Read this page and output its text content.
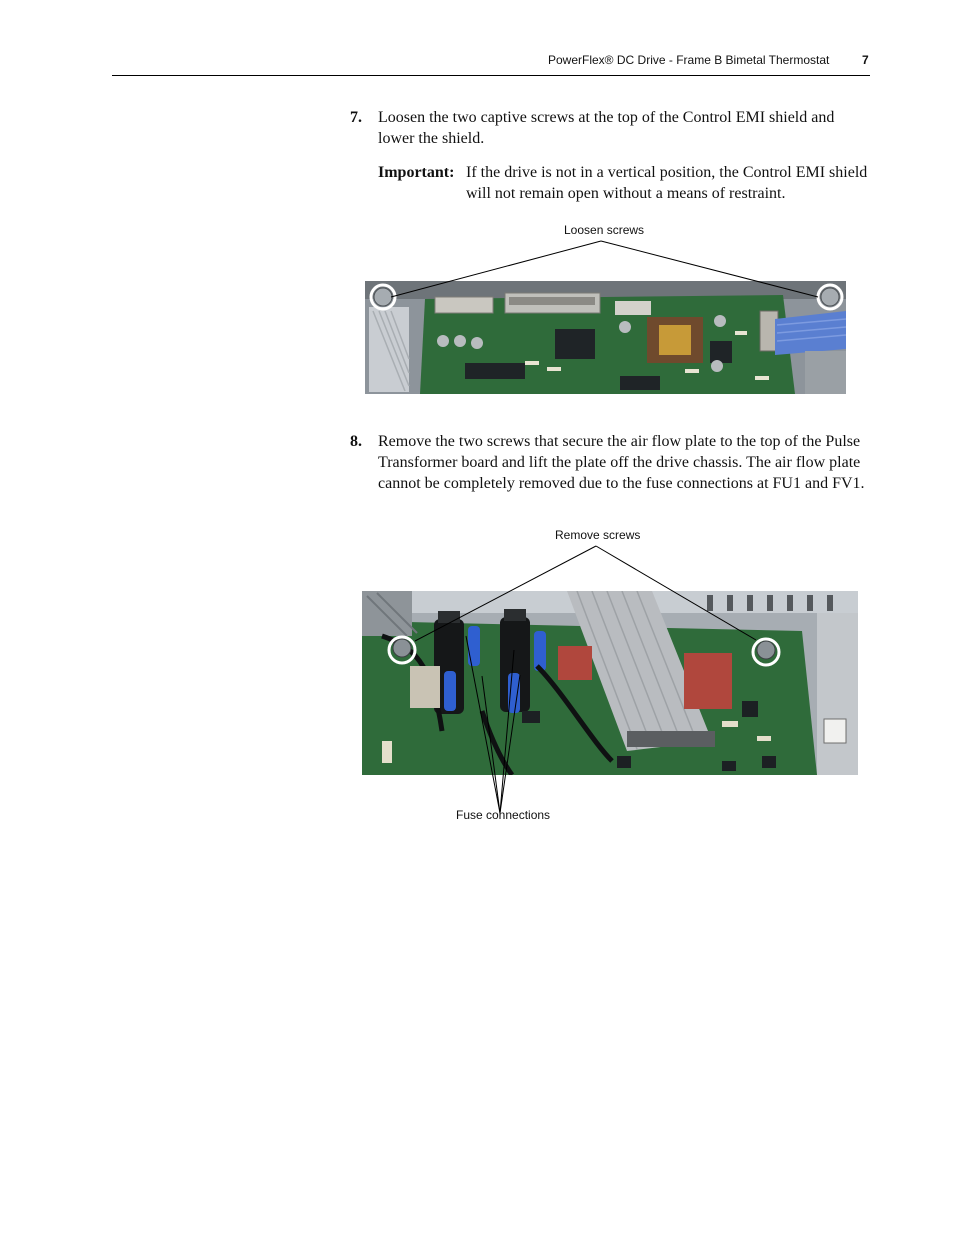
PowerFlex® DC Drive - Frame B Bimetal Thermostat	7
7. Loosen the two captive screws at the top of the Control EMI shield and lower the shield.
Important: If the drive is not in a vertical position, the Control EMI shield will not remain open without a means of restraint.
Loosen screws
8. Remove the two screws that secure the air flow plate to the top of the Pulse Transformer board and lift the plate off the drive chassis. The air flow plate cannot be completely removed due to the fuse connections at FU1 and FV1.
Remove screws
Fuse connections
